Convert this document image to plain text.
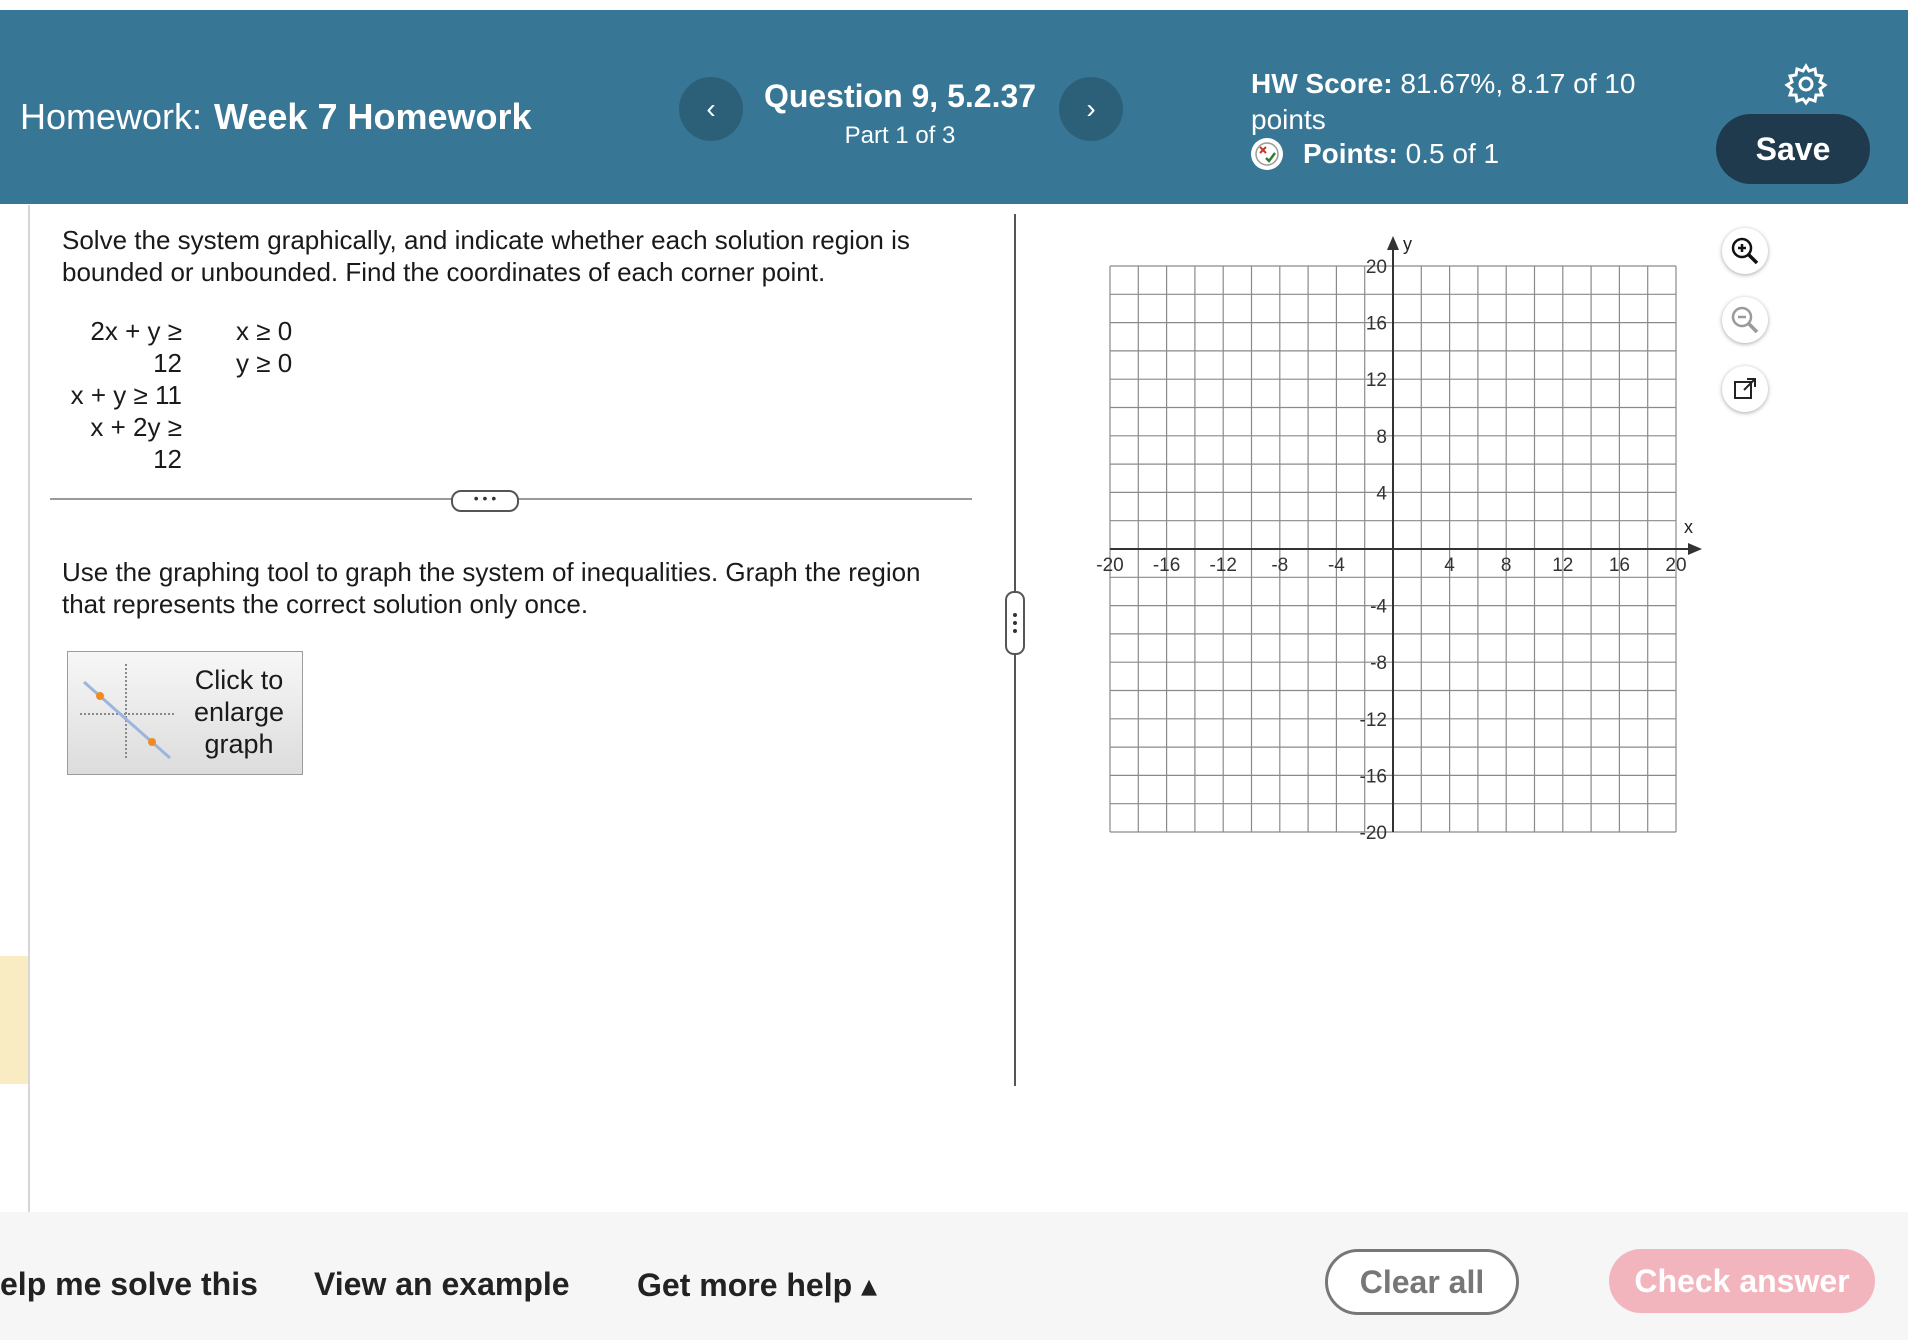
Homework: Week 7 Homework	‹	Question 9, 5.2.37
Part 1 of 3
›
HW Score: 81.67%, 8.17 of 10
points
Points:
0.5 of 1	Save
Solve the system graphically, and indicate whether each solution region is
bounded or unbounded. Find the coordinates of each corner point.
2x + y ≥ 12
x + y ≥ 11
x + 2y ≥ 12
x ≥ 0
y ≥ 0
• • •
Use the graphing tool to graph the system of inequalities. Graph the region
that represents the correct solution only once.
Click to
enlarge
graph
-20 -16 -12 -8 -4	4 8 12 16 20
20
16
12
8
4
-4
-8
-12
-16
-20
x
y
elp me solve this View an example Get more help ▴	Clear all	Check answer
